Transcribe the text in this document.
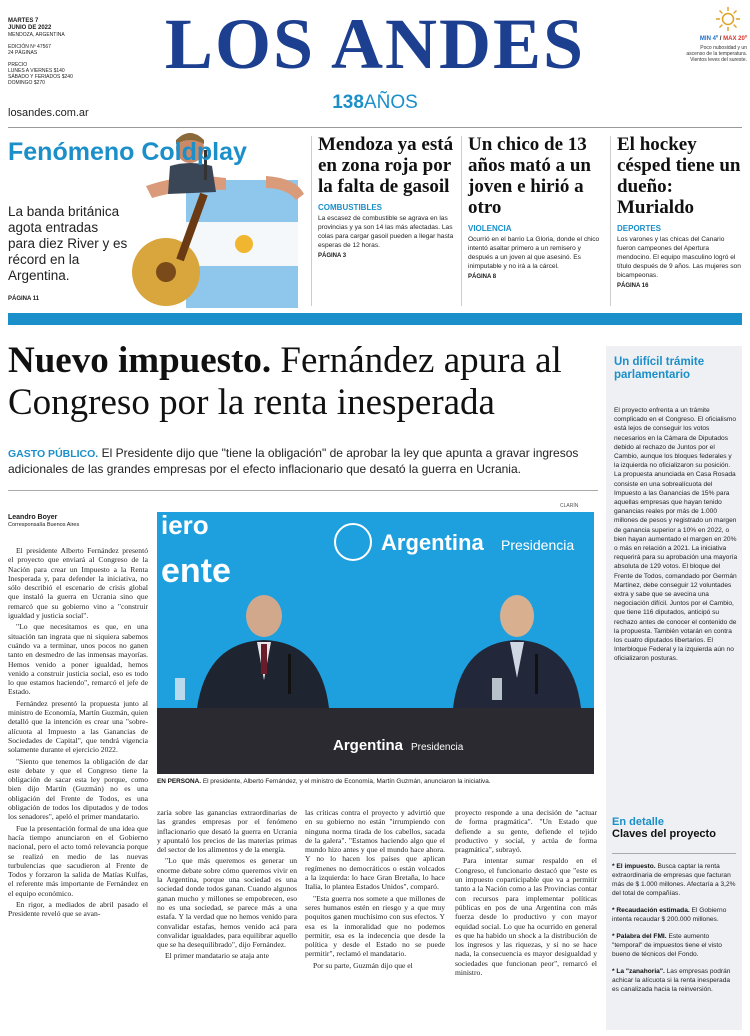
MARTES 7
JUNIO DE 2022
MENDOZA, ARGENTINA
EDICIÓN Nº 47567
24 PÁGINAS
PRECIO
LUNES A VIERNES $140
SÁBADO Y FERIADOS $240
DOMINGO $270
losandes.com.ar
LOS ANDES
138AÑOS
MIN 4º / MAX 20º
Poco nubosidad y un ascenso de la temperatura. Vientos leves del sureste.
Fenómeno Coldplay
La banda británica agota entradas para diez River y es récord en la Argentina.
PÁGINA 11
Mendoza ya está en zona roja por la falta de gasoil
COMBUSTIBLES

La escasez de combustible se agrava en las provincias y ya son 14 las más afectadas. Las colas para cargar gasoil pueden a llegar hasta esperas de 12 horas.

PÁGINA 3
Un chico de 13 años mató a un joven e hirió a otro
VIOLENCIA

Ocurrió en el barrio La Gloria, donde el chico intentó asaltar primero a un remisero y después a un joven al que asesinó. Es inimputable y no irá a la cárcel.

PÁGINA 8
El hockey césped tiene un dueño: Murialdo
DEPORTES

Los varones y las chicas del Canario fueron campeones del Apertura mendocino. El equipo masculino logró el título después de 9 años. Las mujeres son bicampeonas.

PÁGINA 16
Nuevo impuesto. Fernández apura al Congreso por la renta inesperada
GASTO PÚBLICO. El Presidente dijo que "tiene la obligación" de aprobar la ley que apunta a gravar ingresos adicionales de las grandes empresas por el efecto inflacionario que desató la guerra en Ucrania.
Leandro Boyer
Corresponsalía Buenos Aires

El presidente Alberto Fernández presentó el proyecto que enviará al Congreso de la Nación para crear un Impuesto a la Renta Inesperada y, para defender la iniciativa, no sólo describió el escenario de crisis global que instaló la guerra en Ucrania sino que remarcó que su gobierno vino a "construir igualdad y justicia social".

"Lo que necesitamos es que, en una situación tan ingrata que ni siquiera sabemos cuándo va a terminar, unos pocos no ganen tanto en desmedro de las inmensas mayorías. Hemos venido a poner igualdad, hemos venido a construir justicia social, eso es todo lo que estamos haciendo", remarcó el jefe de Estado.

Fernández presentó la propuesta junto al ministro de Economía, Martín Guzmán, quien detalló que la intención es crear una "sobre-alícuota al Impuesto a las Ganancias de Sociedades de Capital", que tendrá vigencia solamente durante el ejercicio 2022.

"Siento que tenemos la obligación de dar este debate y que el Congreso tiene la obligación de sacar esta ley porque, como bien dijo Martín (Guzmán) no es una obligación del Frente de Todos, es una obligación de todos los diputados y de todos los senadores", apeló el primer mandatario.

Fue la presentación formal de una idea que hacía tiempo anunciaron en el Gobierno nacional, pero el acto tomó relevancia porque se realizó en medio de las nuevas turbulencias que sacudieron al Frente de Todos y forzaron la salida de Matías Kulfas, el referente más importante de Fernández en el equipo económico.

En rigor, a mediados de abril pasado el Presidente reveló que se avan-

CLARÍN
iero
ente
Argentina Presidencia
Argentina Presidencia
EN PERSONA. El presidente, Alberto Fernández, y el ministro de Economía, Martín Guzmán, anunciaron la iniciativa.

zaría sobre las ganancias extraordinarias de las grandes empresas por el fenómeno inflacionario que desató la guerra en Ucrania y apuntaló los precios de las materias primas del sector de los alimentos y de la energía.

"Lo que más queremos es generar un enorme debate sobre cómo queremos vivir en la Argentina, porque una sociedad es una sociedad donde todos ganan. Cuando algunos ganan mucho y millones se empobrecen, eso no es una sociedad, se parece más a una estafa. Y la verdad que no hemos venido para convalidar estafas, hemos venido acá para convalidar igualdades, para equilibrar aquello que se ha desequilibrado", dijo Fernández.

El primer mandatario se ataja ante

las críticas contra el proyecto y advirtió que en su gobierno no están "irrumpiendo con ninguna norma tirada de los cabellos, sacada de la galera". "Estamos haciendo algo que el mundo hizo antes y que el mundo hace ahora. Y no lo hacen los países que aplican regímenes no democráticos o están volcados a la izquierda: lo hace Gran Bretaña, lo hace Italia, lo planteа Estados Unidos", comparó.

"Esta guerra nos somete a que millones de seres humanos estén en riesgo y a que muy poquitos ganen muchísimo con sus efectos. Y esa es la inmoralidad que no podemos permitir, esa es la indecencia que desde la política y desde el Estado no se puede permitir", reclamó el mandatario.

Por su parte, Guzmán dijo que el

proyecto responde a una decisión de "actuar de forma pragmática". "Un Estado que defiende a su gente, defiende el tejido productivo y social, y actúa de forma pragmática", subrayó.

Para intentar sumar respaldo en el Congreso, el funcionario destacó que "este es un impuesto coparticipable que va a permitir tanto a la Nación como a las Provincias contar con recursos para implementar políticas públicas en pos de una Argentina con más fuerza desde lo productivo y con mayor equidad social. Lo que ha ocurrido en general es que ha habido un shock a la distribución de los ingresos y las riquezas, y si no se hace nada, la consecuencia es mayor desigualdad y sociedades que funcionan peor", remarcó el ministro.

Un difícil trámite parlamentario
El proyecto enfrenta a un trámite complicado en el Congreso. El oficialismo está lejos de conseguir los votos necesarios en la Cámara de Diputados debido al rechazo de Juntos por el Cambio, aunque los bloques federales y la izquierda no oficializaron su posición. La propuesta anunciada en Casa Rosada consiste en una sobrealícuota del Impuesto a las Ganancias de 15% para aquellas empresas que hayan tenido ganancias reales por más de 1.000 millones de pesos y registrado un margen de ganancia superior a 10% en 2022, o bien hayan aumentado el margen en 20% o más en relación a 2021. La iniciativa requerirá para su aprobación una mayoría absoluta de 129 votos. El bloque del Frente de Todos, comandado por Germán Martínez, debe conseguir 12 voluntades extra y sabe que se avecina una negociación difícil. Juntos por el Cambio, que tiene 116 diputados, anticipó su rechazo antes de conocer el contenido de la propuesta. También votarán en contra los cuatro diputados libertarios. El Interbloque Federal y la izquierda aún no oficializaron posturas.
En detalle
Claves del proyecto
* El impuesto. Busca captar la renta extraordinaria de empresas que facturan más de $ 1.000 millones. Afectaría a 3,2% del total de compañías.
* Recaudación estimada. El Gobierno intenta recaudar $ 200.000 millones.
* Palabra del FMI. Este aumento "temporal" de impuestos tiene el visto bueno de técnicos del Fondo.
* La "zanahoria". Las empresas podrán achicar la alícuota si la renta inesperada es canalizada hacia la reinversión.
